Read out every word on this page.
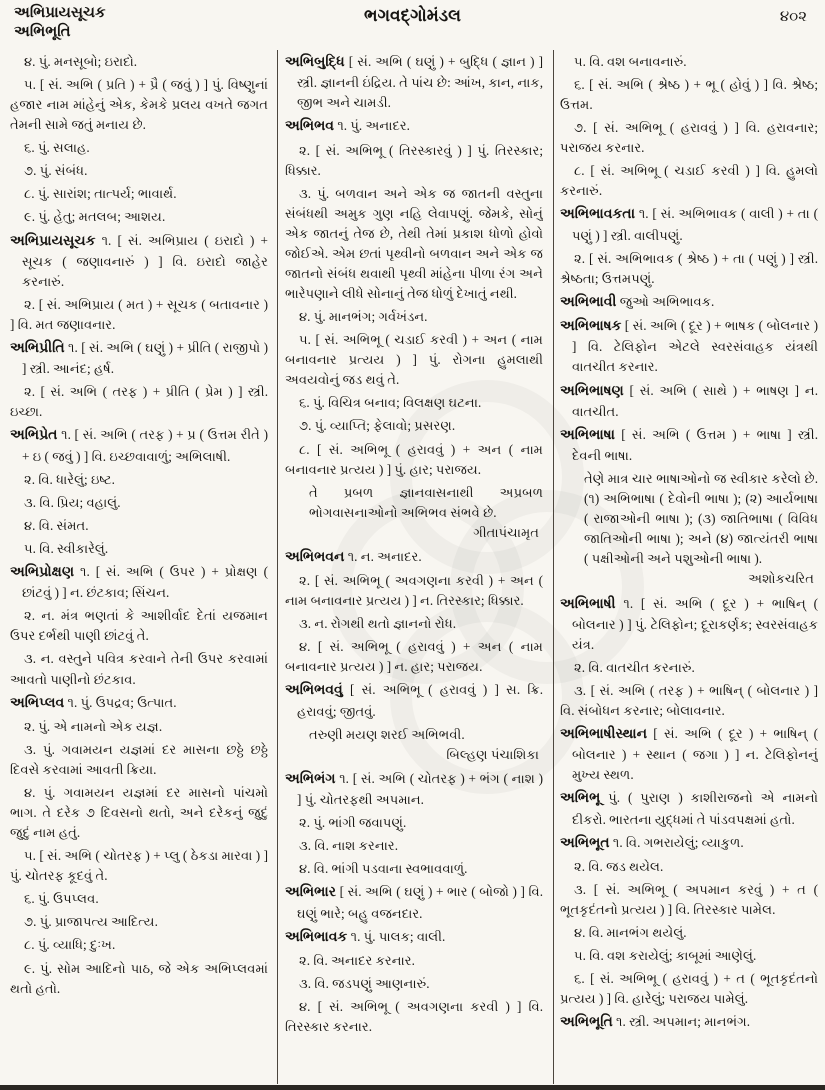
અભિપ્રાયસૂચક
અભિભૂતિ
ભગવદ્ગોમંડલ	૪૦૨

૪. પું. મનસૂબો; ઇરાદો.

૫. [ સં. અભિ ( પ્રતિ ) + પ્રૈ ( જવું ) ] પું. વિષ્ણુનાં હજાર નામ માંહેનું એક, કેમકે પ્રલય વખતે જગત તેમની સામે જતું મનાય છે.

૬. પું. સલાહ.

૭. પું. સંબંધ.

૮. પું. સારાંશ; તાત્પર્ય; ભાવાર્થ.

૯. પું. હેતુ; મતલબ; આશય.

અભિપ્રાયસૂચક ૧. [ સં. અભિપ્રાય ( ઇરાદો ) + સૂચક ( જણાવનારું ) ] વિ. ઇરાદો જાહેર કરનારું.

૨. [ સં. અભિપ્રાય ( મત ) + સૂચક ( બતાવનાર ) ] વિ. મત જણાવનાર.

અભિપ્રીતિ ૧. [ સં. અભિ ( ઘણું ) + પ્રીતિ ( રાજીપો ) ] સ્ત્રી. આનંદ; હર્ષ.

૨. [ સં. અભિ ( તરફ ) + પ્રીતિ ( પ્રેમ ) ] સ્ત્રી. ઇચ્છા.

અભિપ્રેત ૧. [ સં. અભિ ( તરફ ) + પ્ર ( ઉત્તમ રીતે ) + ઇ ( જવું ) ] વિ. ઇચ્છવાવાળું; અભિલાષી.

૨. વિ. ધારેલું; ઇષ્ટ.

૩. વિ. પ્રિય; વહાલું.

૪. વિ. સંમત.

૫. વિ. સ્વીકારેલું.

અભિપ્રોક્ષણ ૧. [ સં. અભિ ( ઉપર ) + પ્રોક્ષણ ( છાંટવું ) ] ન. છંટકાવ; સિંચન.

૨. ન. મંત્ર ભણતાં કે આશીર્વાદ દેતાં યજમાન ઉપર દર્ભથી પાણી છાંટવું તે.

૩. ન. વસ્તુને પવિત્ર કરવાને તેની ઉપર કરવામાં આવતો પાણીનો છંટકાવ.

અભિપ્લવ ૧. પું. ઉપદ્રવ; ઉત્પાત.

૨. પું. એ નામનો એક યજ્ઞ.

૩. પું. ગવામયન યજ્ઞમાં દર માસના છઠ્ઠે છઠ્ઠે દિવસે કરવામાં આવતી ક્રિયા.

૪. પું. ગવામયન યજ્ઞમાં દર માસનો પાંચમો ભાગ. તે દરેક ૭ દિવસનો થતો, અને દરેકનું જુદું જુદું નામ હતું.

૫. [ સં. અભિ ( ચોતરફ ) + પ્લુ ( ઠેકડા મારવા ) ] પું. ચોતરફ કૂદવું તે.

૬. પું. ઉપપ્લવ.

૭. પું. પ્રાજાપત્ય આદિત્ય.

૮. પું. વ્યાધિ; દુઃખ.

૯. પું. સોમ આદિનો પાઠ, જે એક અભિપ્લવમાં થતો હતો.

અભિબુદ્ધિ [ સં. અભિ ( ઘણું ) + બુદ્ધિ ( જ્ઞાન ) ] સ્ત્રી. જ્ઞાનની ઇંદ્રિય. તે પાંચ છે: આંખ, કાન, નાક, જીભ અને ચામડી.

અભિભવ ૧. પું. અનાદર.

૨. [ સં. અભિભૂ ( તિરસ્કારવું ) ] પું. તિરસ્કાર; ધિક્કાર.

૩. પું. બળવાન અને એક જ જાતની વસ્તુના સંબંધથી અમુક ગુણ નહિ લેવાપણું. જેમકે, સોનું એક જાતનું તેજ છે, તેથી તેમાં પ્રકાશ ધોળો હોવો જોઈએ. એમ છતાં પૃથ્વીનો બળવાન અને એક જ જાતનો સંબંધ થવાથી પૃથ્વી માંહેના પીળા રંગ અને ભારેપણાને લીધે સોનાનું તેજ ધોળું દેખાતું નથી.

૪. પું. માનભંગ; ગર્વખંડન.

૫. [ સં. અભિભૂ ( ચડાઈ કરવી ) + અન ( નામ બનાવનાર પ્રત્યય ) ] પું. રોગના હુમલાથી અવયવોનું જડ થવું તે.

૬. પું. વિચિત્ર બનાવ; વિલક્ષણ ઘટના.

૭. પું. વ્યાપ્તિ; ફેલાવો; પ્રસરણ.

૮. [ સં. અભિભૂ ( હરાવવું ) + અન ( નામ બનાવનાર પ્રત્યય ) ] પું. હાર; પરાજય.

તે પ્રબળ જ્ઞાનવાસનાથી અપ્રબળ ભોગવાસનાઓનો અભિભવ સંભવે છે.

ગીતાપંચામૃત

અભિભવન ૧. ન. અનાદર.

૨. [ સં. અભિભૂ ( અવગણના કરવી ) + અન ( નામ બનાવનાર પ્રત્યય ) ] ન. તિરસ્કાર; ધિક્કાર.

૩. ન. રોગથી થતો જ્ઞાનનો રોધ.

૪. [ સં. અભિભૂ ( હરાવવું ) + અન ( નામ બનાવનાર પ્રત્યય ) ] ન. હાર; પરાજય.

અભિભવવું [ સં. અભિભૂ ( હરાવવું ) ] સ. ક્રિ. હરાવવું; જીતવું.

તરુણી મયણ શરઈ અભિભવી.

બિલ્હણ પંચાશિકા

અભિભંગ ૧. [ સં. અભિ ( ચોતરફ ) + ભંગ ( નાશ ) ] પું. ચોતરફથી અપમાન.

૨. પું. ભાંગી જવાપણું.

૩. વિ. નાશ કરનાર.

૪. વિ. ભાંગી પડવાના સ્વભાવવાળું.

અભિભાર [ સં. અભિ ( ઘણું ) + ભાર ( બોજો ) ] વિ. ઘણું ભારે; બહુ વજનદાર.

અભિભાવક ૧. પું. પાલક; વાલી.

૨. વિ. અનાદર કરનાર.

૩. વિ. જડપણું આણનારું.

૪. [ સં. અભિભૂ ( અવગણના કરવી ) ] વિ. તિરસ્કાર કરનાર.

૫. વિ. વશ બનાવનારું.

૬. [ સં. અભિ ( શ્રેષ્ઠ ) + ભૂ ( હોવું ) ] વિ. શ્રેષ્ઠ; ઉત્તમ.

૭. [ સં. અભિભૂ ( હરાવવું ) ] વિ. હરાવનાર; પરાજય કરનાર.

૮. [ સં. અભિભૂ ( ચડાઈ કરવી ) ] વિ. હુમલો કરનારું.

અભિભાવકતા ૧. [ સં. અભિભાવક ( વાલી ) + તા ( પણું ) ] સ્ત્રી. વાલીપણું.

૨. [ સં. અભિભાવક ( શ્રેષ્ઠ ) + તા ( પણું ) ] સ્ત્રી. શ્રેષ્ઠતા; ઉત્તમપણું.

અભિભાવી જુઓ અભિભાવક.

અભિભાષક [ સં. અભિ ( દૂર ) + ભાષક ( બોલનાર ) ] વિ. ટેલિફોન એટલે સ્વરસંવાહક યંત્રથી વાતચીત કરનાર.

અભિભાષણ [ સં. અભિ ( સાથે ) + ભાષણ ] ન. વાતચીત.

અભિભાષા [ સં. અભિ ( ઉત્તમ ) + ભાષા ] સ્ત્રી. દેવની ભાષા.

તેણે માત્ર ચાર ભાષાઓનો જ સ્વીકાર કરેલો છે. (૧) અભિભાષા ( દેવોની ભાષા ); (૨) આર્યભાષા ( રાજાઓની ભાષા ); (૩) જાતિભાષા ( વિવિધ જાતિઓની ભાષા ); અને (૪) જાત્યંતરી ભાષા ( પક્ષીઓની અને પશુઓની ભાષા ).

અશોકચરિત

અભિભાષી ૧. [ સં. અભિ ( દૂર ) + ભાષિન્ ( બોલનાર ) ] પું. ટેલિફોન; દૂરાકર્ણક; સ્વરસંવાહક યંત્ર.

૨. વિ. વાતચીત કરનારું.

૩. [ સં. અભિ ( તરફ ) + ભાષિન્ ( બોલનાર ) ] વિ. સંબોધન કરનાર; બોલાવનાર.

અભિભાષીસ્થાન [ સં. અભિ ( દૂર ) + ભાષિન્ ( બોલનાર ) + સ્થાન ( જગા ) ] ન. ટેલિફોનનું મુખ્ય સ્થળ.

અભિભૂ પું. ( પુરાણ ) કાશીરાજનો એ નામનો દીકરો. ભારતના યુદ્ધમાં તે પાંડવપક્ષમાં હતો.

અભિભૂત ૧. વિ. ગભરાયેલું; વ્યાકુળ.

૨. વિ. જડ થયેલ.

૩. [ સં. અભિભૂ ( અપમાન કરવું ) + ત ( ભૂતકૃદંતનો પ્રત્યય ) ] વિ. તિરસ્કાર પામેલ.

૪. વિ. માનભંગ થયેલું.

૫. વિ. વશ કરાયેલું; કાબૂમાં આણેલું.

૬. [ સં. અભિભૂ ( હરાવવું ) + ત ( ભૂતકૃદંતનો પ્રત્યય ) ] વિ. હારેલું; પરાજય પામેલું.

અભિભૂતિ ૧. સ્ત્રી. અપમાન; માનભંગ.
